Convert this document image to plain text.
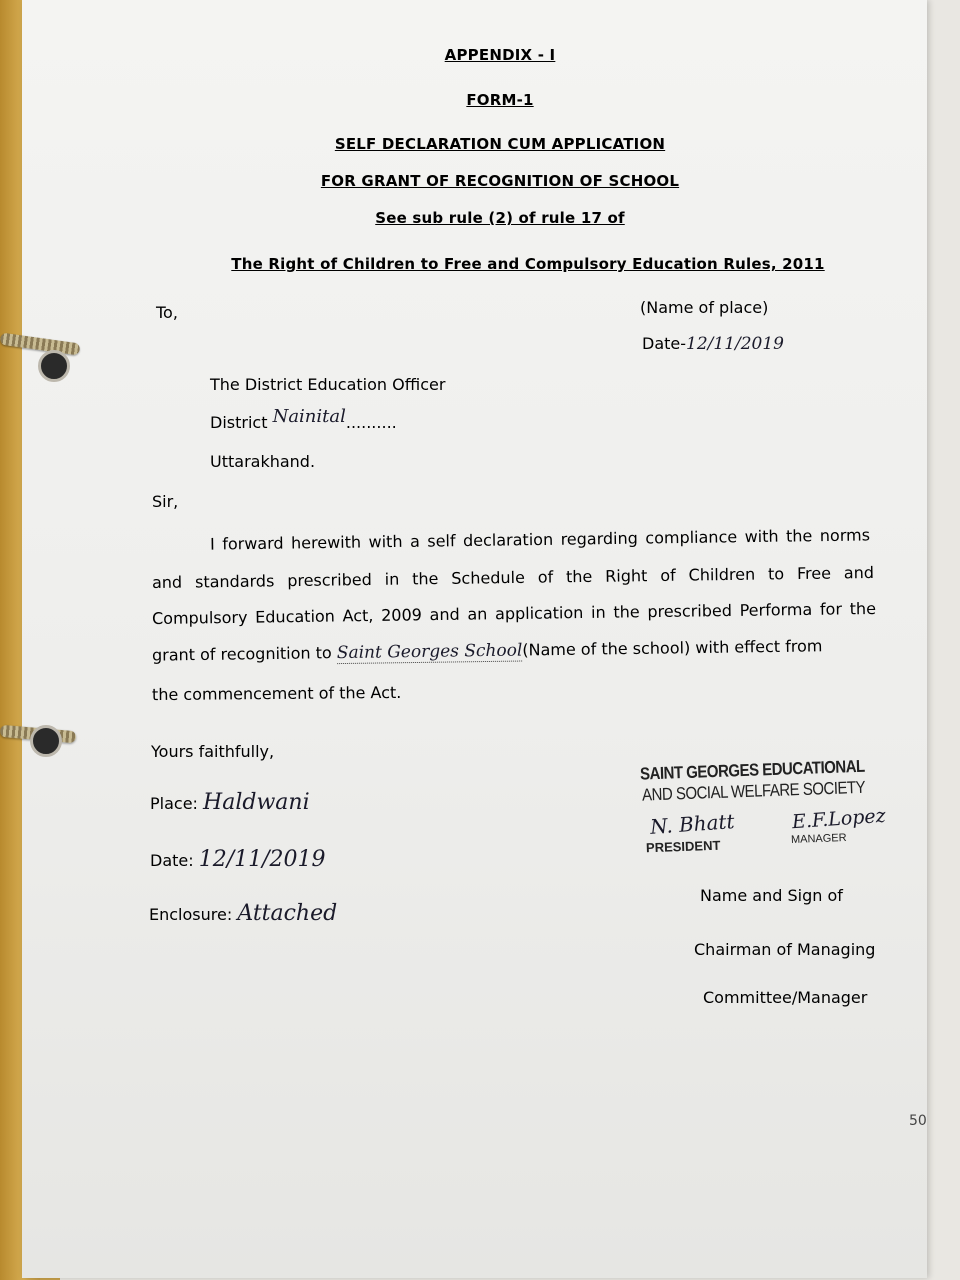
APPENDIX - I
FORM-1
SELF DECLARATION CUM APPLICATION
FOR GRANT OF RECOGNITION OF SCHOOL
See sub rule (2) of rule 17 of
The Right of Children to Free and Compulsory Education Rules, 2011
To,	(Name of place)
Date-12/11/2019
The District Education Officer
District Nainital..........
Uttarakhand.
Sir,
I forward herewith with a self declaration regarding compliance with the norms
and standards prescribed in the Schedule of the Right of Children to Free and
Compulsory Education Act, 2009 and an application in the prescribed Performa for the
grant of recognition to Saint Georges School(Name of the school) with effect from
the commencement of the Act.
Yours faithfully,
Place: Haldwani
Date: 12/11/2019
Enclosure: Attached
SAINT GEORGES EDUCATIONAL
AND SOCIAL WELFARE SOCIETY
N. Bhatt
PRESIDENT
E.F.Lopez
MANAGER
Name and Sign of
Chairman of Managing
Committee/Manager
50
